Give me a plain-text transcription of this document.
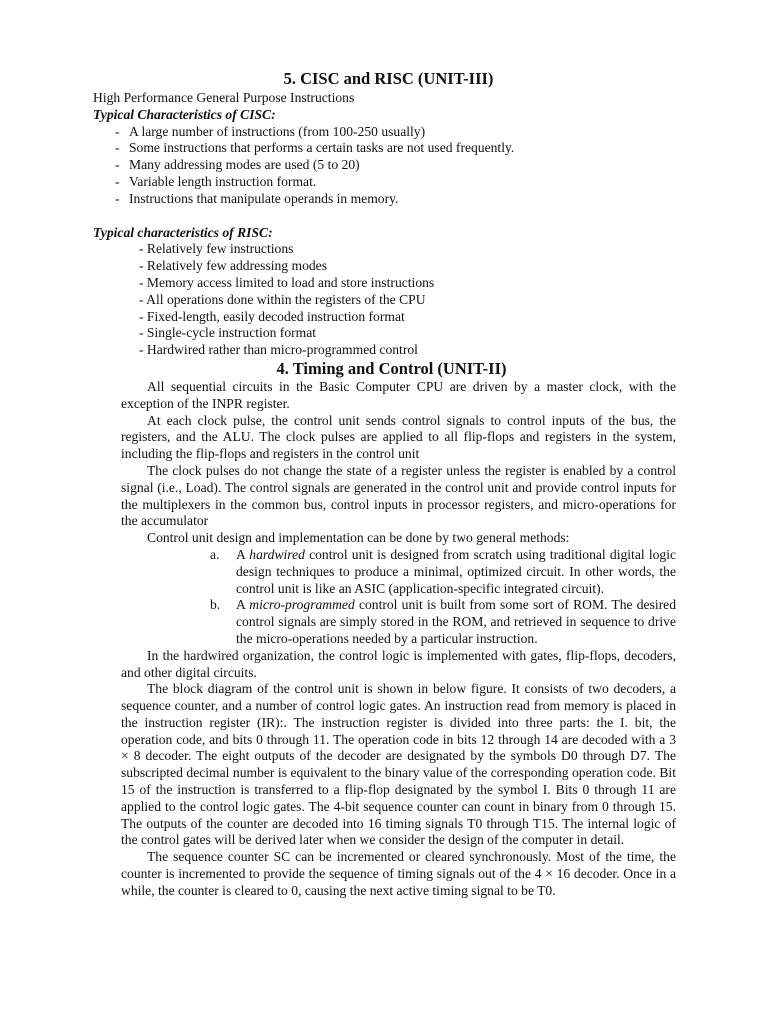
5. CISC and RISC (UNIT-III)
High Performance General Purpose Instructions
Typical Characteristics of CISC:
- A large number of instructions (from 100-250 usually)
- Some instructions that performs a certain tasks are not used frequently.
- Many addressing modes are used (5 to 20)
- Variable length instruction format.
- Instructions that manipulate operands in memory.
Typical characteristics of RISC:
- Relatively few instructions
- Relatively few addressing modes
- Memory access limited to load and store instructions
- All operations done within the registers of the CPU
- Fixed-length, easily decoded instruction format
- Single-cycle instruction format
- Hardwired rather than micro-programmed control
4. Timing and Control (UNIT-II)

All sequential circuits in the Basic Computer CPU are driven by a master clock, with the exception of the INPR register.

At each clock pulse, the control unit sends control signals to control inputs of the bus, the registers, and the ALU. The clock pulses are applied to all flip-flops and registers in the system, including the flip-flops and registers in the control unit

The clock pulses do not change the state of a register unless the register is enabled by a control signal (i.e., Load). The control signals are generated in the control unit and provide control inputs for the multiplexers in the common bus, control inputs in processor registers, and micro-operations for the accumulator

Control unit design and implementation can be done by two general methods:

a. A hardwired control unit is designed from scratch using traditional digital logic design techniques to produce a minimal, optimized circuit. In other words, the control unit is like an ASIC (application-specific integrated circuit).
b. A micro-programmed control unit is built from some sort of ROM. The desired control signals are simply stored in the ROM, and retrieved in sequence to drive the micro-operations needed by a particular instruction.

In the hardwired organization, the control logic is implemented with gates, flip-flops, decoders, and other digital circuits.

The block diagram of the control unit is shown in below figure. It consists of two decoders, a sequence counter, and a number of control logic gates. An instruction read from memory is placed in the instruction register (IR):. The instruction register is divided into three parts: the I. bit, the operation code, and bits 0 through 11. The operation code in bits 12 through 14 are decoded with a 3 × 8 decoder. The eight outputs of the decoder are designated by the symbols D0 through D7. The subscripted decimal number is equivalent to the binary value of the corresponding operation code. Bit 15 of the instruction is transferred to a flip-flop designated by the symbol I. Bits 0 through 11 are applied to the control logic gates. The 4-bit sequence counter can count in binary from 0 through 15. The outputs of the counter are decoded into 16 timing signals T0 through T15. The internal logic of the control gates will be derived later when we consider the design of the computer in detail.

The sequence counter SC can be incremented or cleared synchronously. Most of the time, the counter is incremented to provide the sequence of timing signals out of the 4 × 16 decoder. Once in a while, the counter is cleared to 0, causing the next active timing signal to be T0.
